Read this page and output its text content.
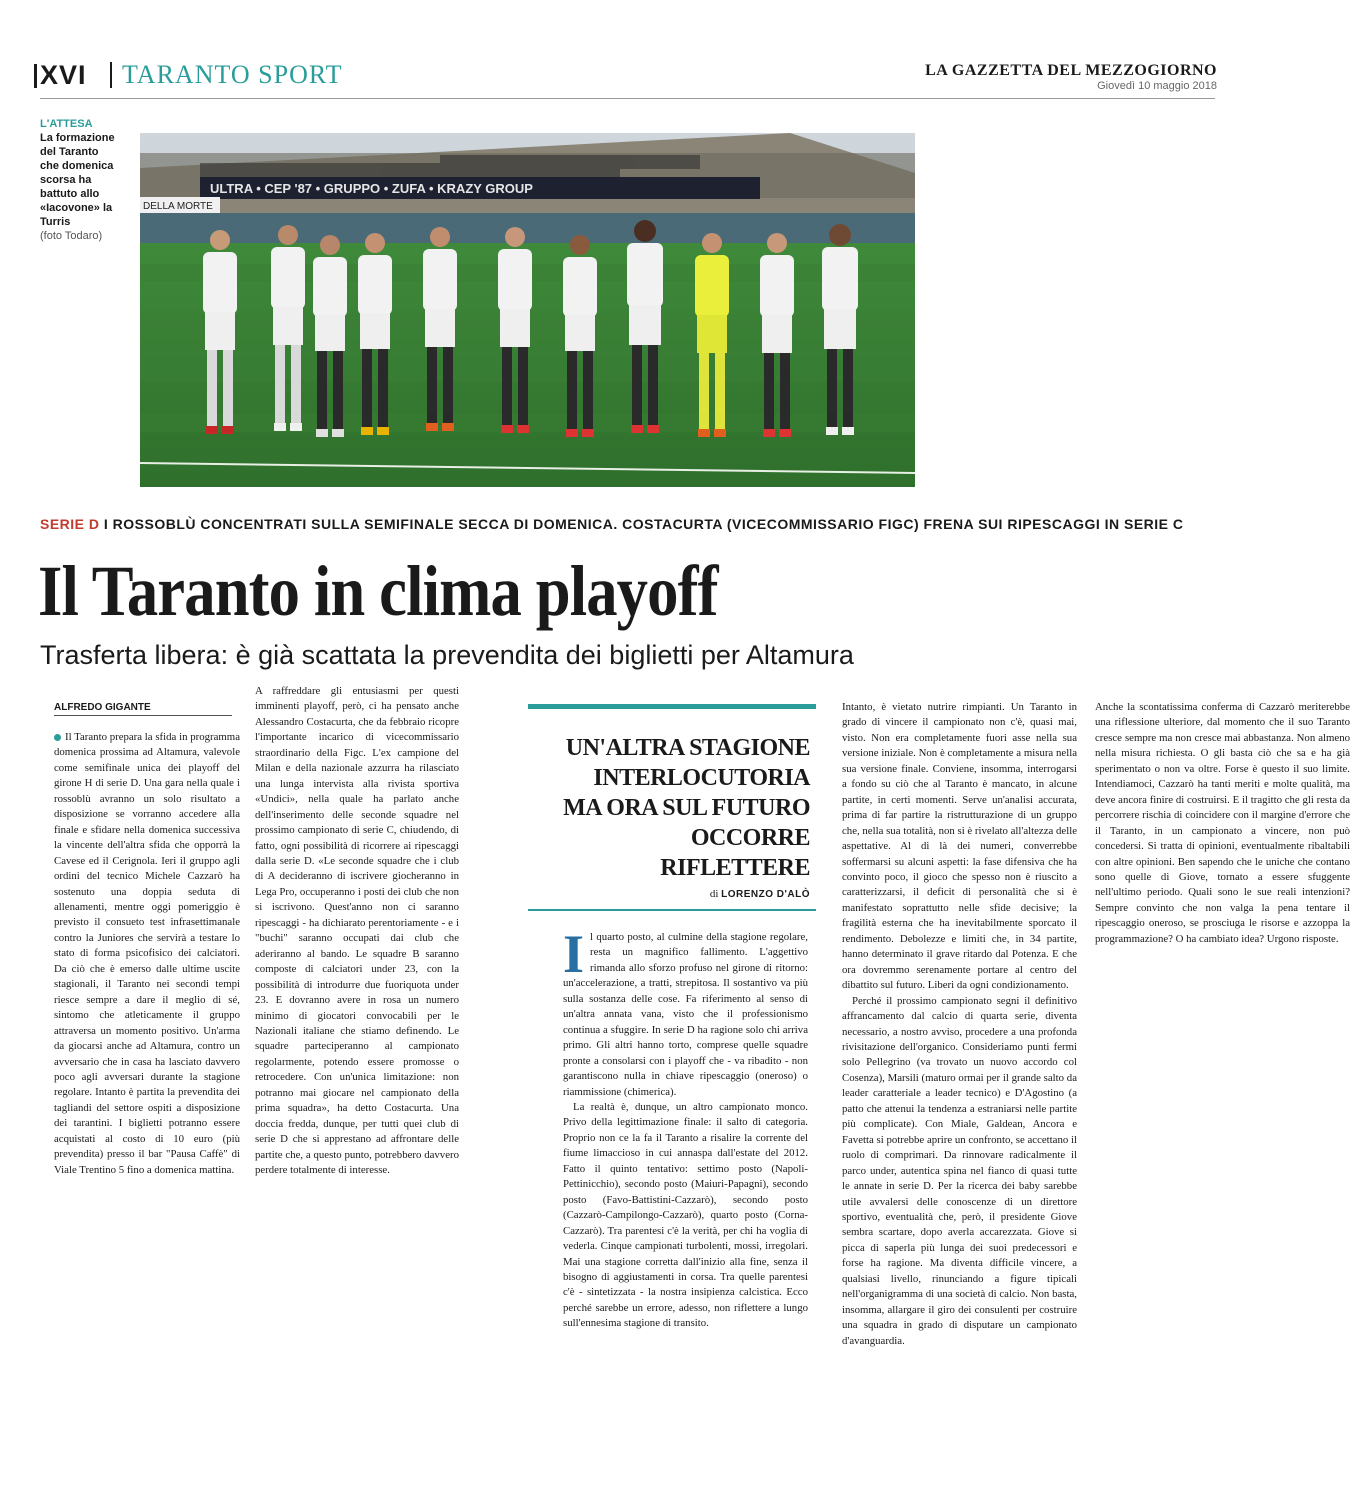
XVI TARANTO SPORT	LA GAZZETTA DEL MEZZOGIORNO
Giovedì 10 maggio 2018
L'ATTESA
La formazione del Taranto che domenica scorsa ha battuto allo «Iacovone» la Turris
(foto Todaro)
ULTRA • CEP '87 • GRUPPO • ZUFA • KRAZY GROUP
DELLA MORTE
SERIE D I ROSSOBLÙ CONCENTRATI SULLA SEMIFINALE SECCA DI DOMENICA. COSTACURTA (VICECOMMISSARIO FIGC) FRENA SUI RIPESCAGGI IN SERIE C
Il Taranto in clima playoff
Trasferta libera: è già scattata la prevendita dei biglietti per Altamura
ALFREDO GIGANTE

Il Taranto prepara la sfida in programma domenica prossima ad Altamura, valevole come semifinale unica dei playoff del girone H di serie D. Una gara nella quale i rossoblù avranno un solo risultato a disposizione se vorranno accedere alla finale e sfidare nella domenica successiva la vincente dell'altra sfida che opporrà la Cavese ed il Cerignola. Ieri il gruppo agli ordini del tecnico Michele Cazzarò ha sostenuto una doppia seduta di allenamenti, mentre oggi pomeriggio è previsto il consueto test infrasettimanale contro la Juniores che servirà a testare lo stato di forma psicofisico dei calciatori. Da ciò che è emerso dalle ultime uscite stagionali, il Taranto nei secondi tempi riesce sempre a dare il meglio di sé, sintomo che atleticamente il gruppo attraversa un momento positivo. Un'arma da giocarsi anche ad Altamura, contro un avversario che in casa ha lasciato davvero poco agli avversari durante la stagione regolare. Intanto è partita la prevendita dei tagliandi del settore ospiti a disposizione dei tarantini. I biglietti potranno essere acquistati al costo di 10 euro (più prevendita) presso il bar "Pausa Caffè" di Viale Trentino 5 fino a domenica mattina.

A raffreddare gli entusiasmi per questi imminenti playoff, però, ci ha pensato anche Alessandro Costacurta, che da febbraio ricopre l'importante incarico di vicecommissario straordinario della Figc. L'ex campione del Milan e della nazionale azzurra ha rilasciato una lunga intervista alla rivista sportiva «Undici», nella quale ha parlato anche dell'inserimento delle seconde squadre nel prossimo campionato di serie C, chiudendo, di fatto, ogni possibilità di ricorrere ai ripescaggi dalla serie D. «Le seconde squadre che i club di A decideranno di iscrivere giocheranno in Lega Pro, occuperanno i posti dei club che non si iscrivono. Quest'anno non ci saranno ripescaggi - ha dichiarato perentoriamente - e i "buchi" saranno occupati dai club che aderiranno al bando. Le squadre B saranno composte di calciatori under 23, con la possibilità di introdurre due fuoriquota under 23. E dovranno avere in rosa un numero minimo di giocatori convocabili per le Nazionali italiane che stiamo definendo. Le squadre parteciperanno al campionato regolarmente, potendo essere promosse o retrocedere. Con un'unica limitazione: non potranno mai giocare nel campionato della prima squadra», ha detto Costacurta. Una doccia fredda, dunque, per tutti quei club di serie D che si apprestano ad affrontare delle partite che, a questo punto, potrebbero davvero perdere totalmente di interesse.

UN'ALTRA STAGIONE
INTERLOCUTORIA
MA ORA SUL FUTURO
OCCORRE RIFLETTERE
di LORENZO D'ALÒ

Il quarto posto, al culmine della stagione regolare, resta un magnifico fallimento. L'aggettivo rimanda allo sforzo profuso nel girone di ritorno: un'accelerazione, a tratti, strepitosa. Il sostantivo va più sulla sostanza delle cose. Fa riferimento al senso di un'altra annata vana, visto che il professionismo continua a sfuggire. In serie D ha ragione solo chi arriva primo. Gli altri hanno torto, comprese quelle squadre pronte a consolarsi con i playoff che - va ribadito - non garantiscono nulla in chiave ripescaggio (oneroso) o riammissione (chimerica).

La realtà è, dunque, un altro campionato monco. Privo della legittimazione finale: il salto di categoria. Proprio non ce la fa il Taranto a risalire la corrente del fiume limaccioso in cui annaspa dall'estate del 2012. Fatto il quinto tentativo: settimo posto (Napoli-Pettinicchio), secondo posto (Maiuri-Papagni), secondo posto (Favo-Battistini-Cazzarò), secondo posto (Cazzarò-Campilongo-Cazzarò), quarto posto (Corna-Cazzarò). Tra parentesi c'è la verità, per chi ha voglia di vederla. Cinque campionati turbolenti, mossi, irregolari. Mai una stagione corretta dall'inizio alla fine, senza il bisogno di aggiustamenti in corsa. Tra quelle parentesi c'è - sintetizzata - la nostra insipienza calcistica. Ecco perché sarebbe un errore, adesso, non riflettere a lungo sull'ennesima stagione di transito.

Intanto, è vietato nutrire rimpianti. Un Taranto in grado di vincere il campionato non c'è, quasi mai, visto. Non era completamente fuori asse nella sua versione iniziale. Non è completamente a misura nella sua versione finale. Conviene, insomma, interrogarsi a fondo su ciò che al Taranto è mancato, in alcune partite, in certi momenti. Serve un'analisi accurata, prima di far partire la ristrutturazione di un gruppo che, nella sua totalità, non si è rivelato all'altezza delle aspettative. Al di là dei numeri, converrebbe soffermarsi su alcuni aspetti: la fase difensiva che ha convinto poco, il gioco che spesso non è riuscito a caratterizzarsi, il deficit di personalità che si è manifestato soprattutto nelle sfide decisive; la fragilità esterna che ha inevitabilmente sporcato il rendimento. Debolezze e limiti che, in 34 partite, hanno determinato il grave ritardo dal Potenza. E che ora dovremmo serenamente portare al centro del dibattito sul futuro. Liberi da ogni condizionamento.

Perché il prossimo campionato segni il definitivo affrancamento dal calcio di quarta serie, diventa necessario, a nostro avviso, procedere a una profonda rivisitazione dell'organico. Consideriamo punti fermi solo Pellegrino (va trovato un nuovo accordo col Cosenza), Marsili (maturo ormai per il grande salto da leader caratteriale a leader tecnico) e D'Agostino (a patto che attenui la tendenza a estraniarsi nelle partite più complicate). Con Miale, Galdean, Ancora e Favetta si potrebbe aprire un confronto, se accettano il ruolo di comprimari. Da rinnovare radicalmente il parco under, autentica spina nel fianco di quasi tutte le annate in serie D. Per la ricerca dei baby sarebbe utile avvalersi delle conoscenze di un direttore sportivo, eventualità che, però, il presidente Giove sembra scartare, dopo averla accarezzata. Giove si picca di saperla più lunga dei suoi predecessori e forse ha ragione. Ma diventa difficile vincere, a qualsiasi livello, rinunciando a figure tipicali nell'organigramma di una società di calcio. Non basta, insomma, allargare il giro dei consulenti per costruire una squadra in grado di disputare un campionato d'avanguardia.

Anche la scontatissima conferma di Cazzarò meriterebbe una riflessione ulteriore, dal momento che il suo Taranto cresce sempre ma non cresce mai abbastanza. Non almeno nella misura richiesta. O gli basta ciò che sa e ha già sperimentato o non va oltre. Forse è questo il suo limite. Intendiamoci, Cazzarò ha tanti meriti e molte qualità, ma deve ancora finire di costruirsi. E il tragitto che gli resta da percorrere rischia di coincidere con il margine d'errore che il Taranto, in un campionato a vincere, non può concedersi. Si tratta di opinioni, eventualmente ribaltabili con altre opinioni. Ben sapendo che le uniche che contano sono quelle di Giove, tornato a essere sfuggente nell'ultimo periodo. Quali sono le sue reali intenzioni? Sempre convinto che non valga la pena tentare il ripescaggio oneroso, se prosciuga le risorse e azzoppa la programmazione? O ha cambiato idea? Urgono risposte.
